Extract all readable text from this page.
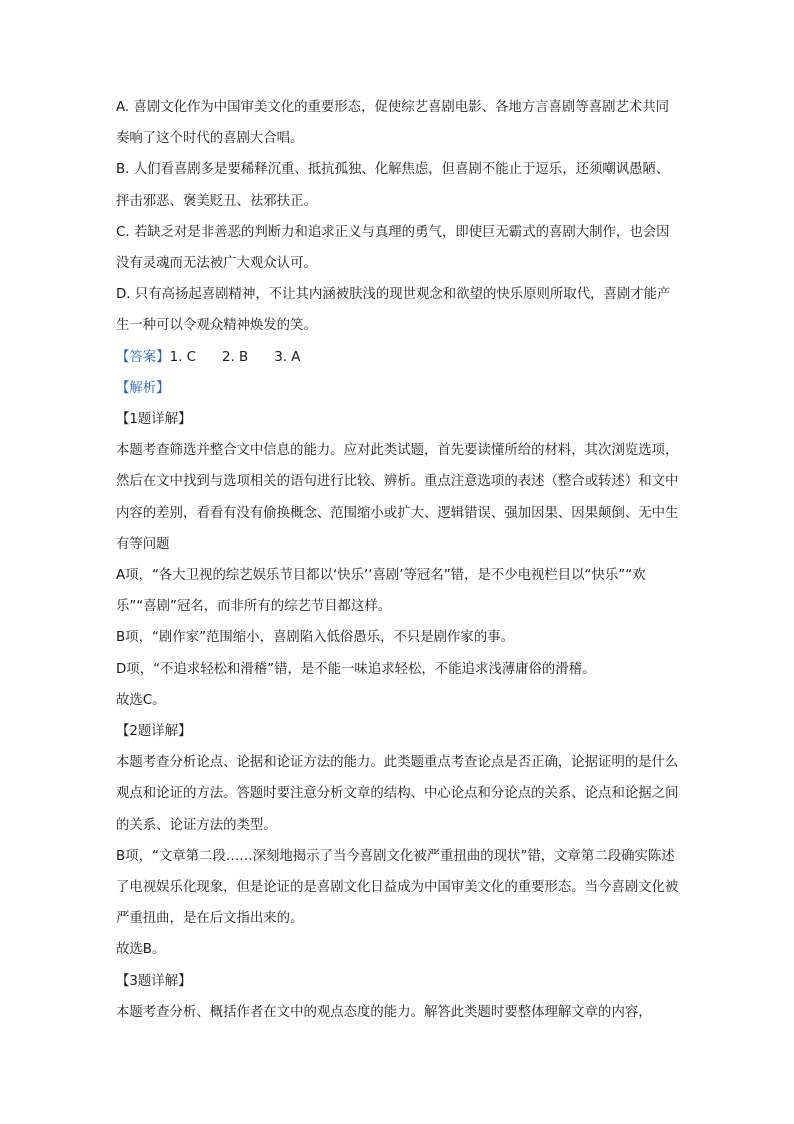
A. 喜剧文化作为中国审美文化的重要形态，促使综艺喜剧电影、各地方言喜剧等喜剧艺术共同奏响了这个时代的喜剧大合唱。

B. 人们看喜剧多是要稀释沉重、抵抗孤独、化解焦虑，但喜剧不能止于逗乐，还须嘲讽愚陋、抨击邪恶、褒美贬丑、祛邪扶正。

C. 若缺乏对是非善恶的判断力和追求正义与真理的勇气，即使巨无霸式的喜剧大制作，也会因没有灵魂而无法被广大观众认可。

D. 只有高扬起喜剧精神，不让其内涵被肤浅的现世观念和欲望的快乐原则所取代，喜剧才能产生一种可以令观众精神焕发的笑。

【答案】1. C 2. B 3. A

【解析】

【1题详解】

本题考查筛选并整合文中信息的能力。应对此类试题，首先要读懂所给的材料，其次浏览选项，然后在文中找到与选项相关的语句进行比较、辨析。重点注意选项的表述（整合或转述）和文中内容的差别，看看有没有偷换概念、范围缩小或扩大、逻辑错误、强加因果、因果颠倒、无中生有等问题

A项，“各大卫视的综艺娱乐节目都以‘快乐’‘喜剧’等冠名”错，是不少电视栏目以“快乐”“欢乐”“喜剧”冠名，而非所有的综艺节目都这样。

B项，“剧作家”范围缩小，喜剧陷入低俗愚乐，不只是剧作家的事。

D项，“不追求轻松和滑稽”错，是不能一味追求轻松，不能追求浅薄庸俗的滑稽。

故选C。

【2题详解】

本题考查分析论点、论据和论证方法的能力。此类题重点考查论点是否正确，论据证明的是什么观点和论证的方法。答题时要注意分析文章的结构、中心论点和分论点的关系、论点和论据之间的关系、论证方法的类型。

B项，“文章第二段……深刻地揭示了当今喜剧文化被严重扭曲的现状”错，文章第二段确实陈述了电视娱乐化现象，但是论证的是喜剧文化日益成为中国审美文化的重要形态。当今喜剧文化被严重扭曲，是在后文指出来的。

故选B。

【3题详解】

本题考查分析、概括作者在文中的观点态度的能力。解答此类题时要整体理解文章的内容，
